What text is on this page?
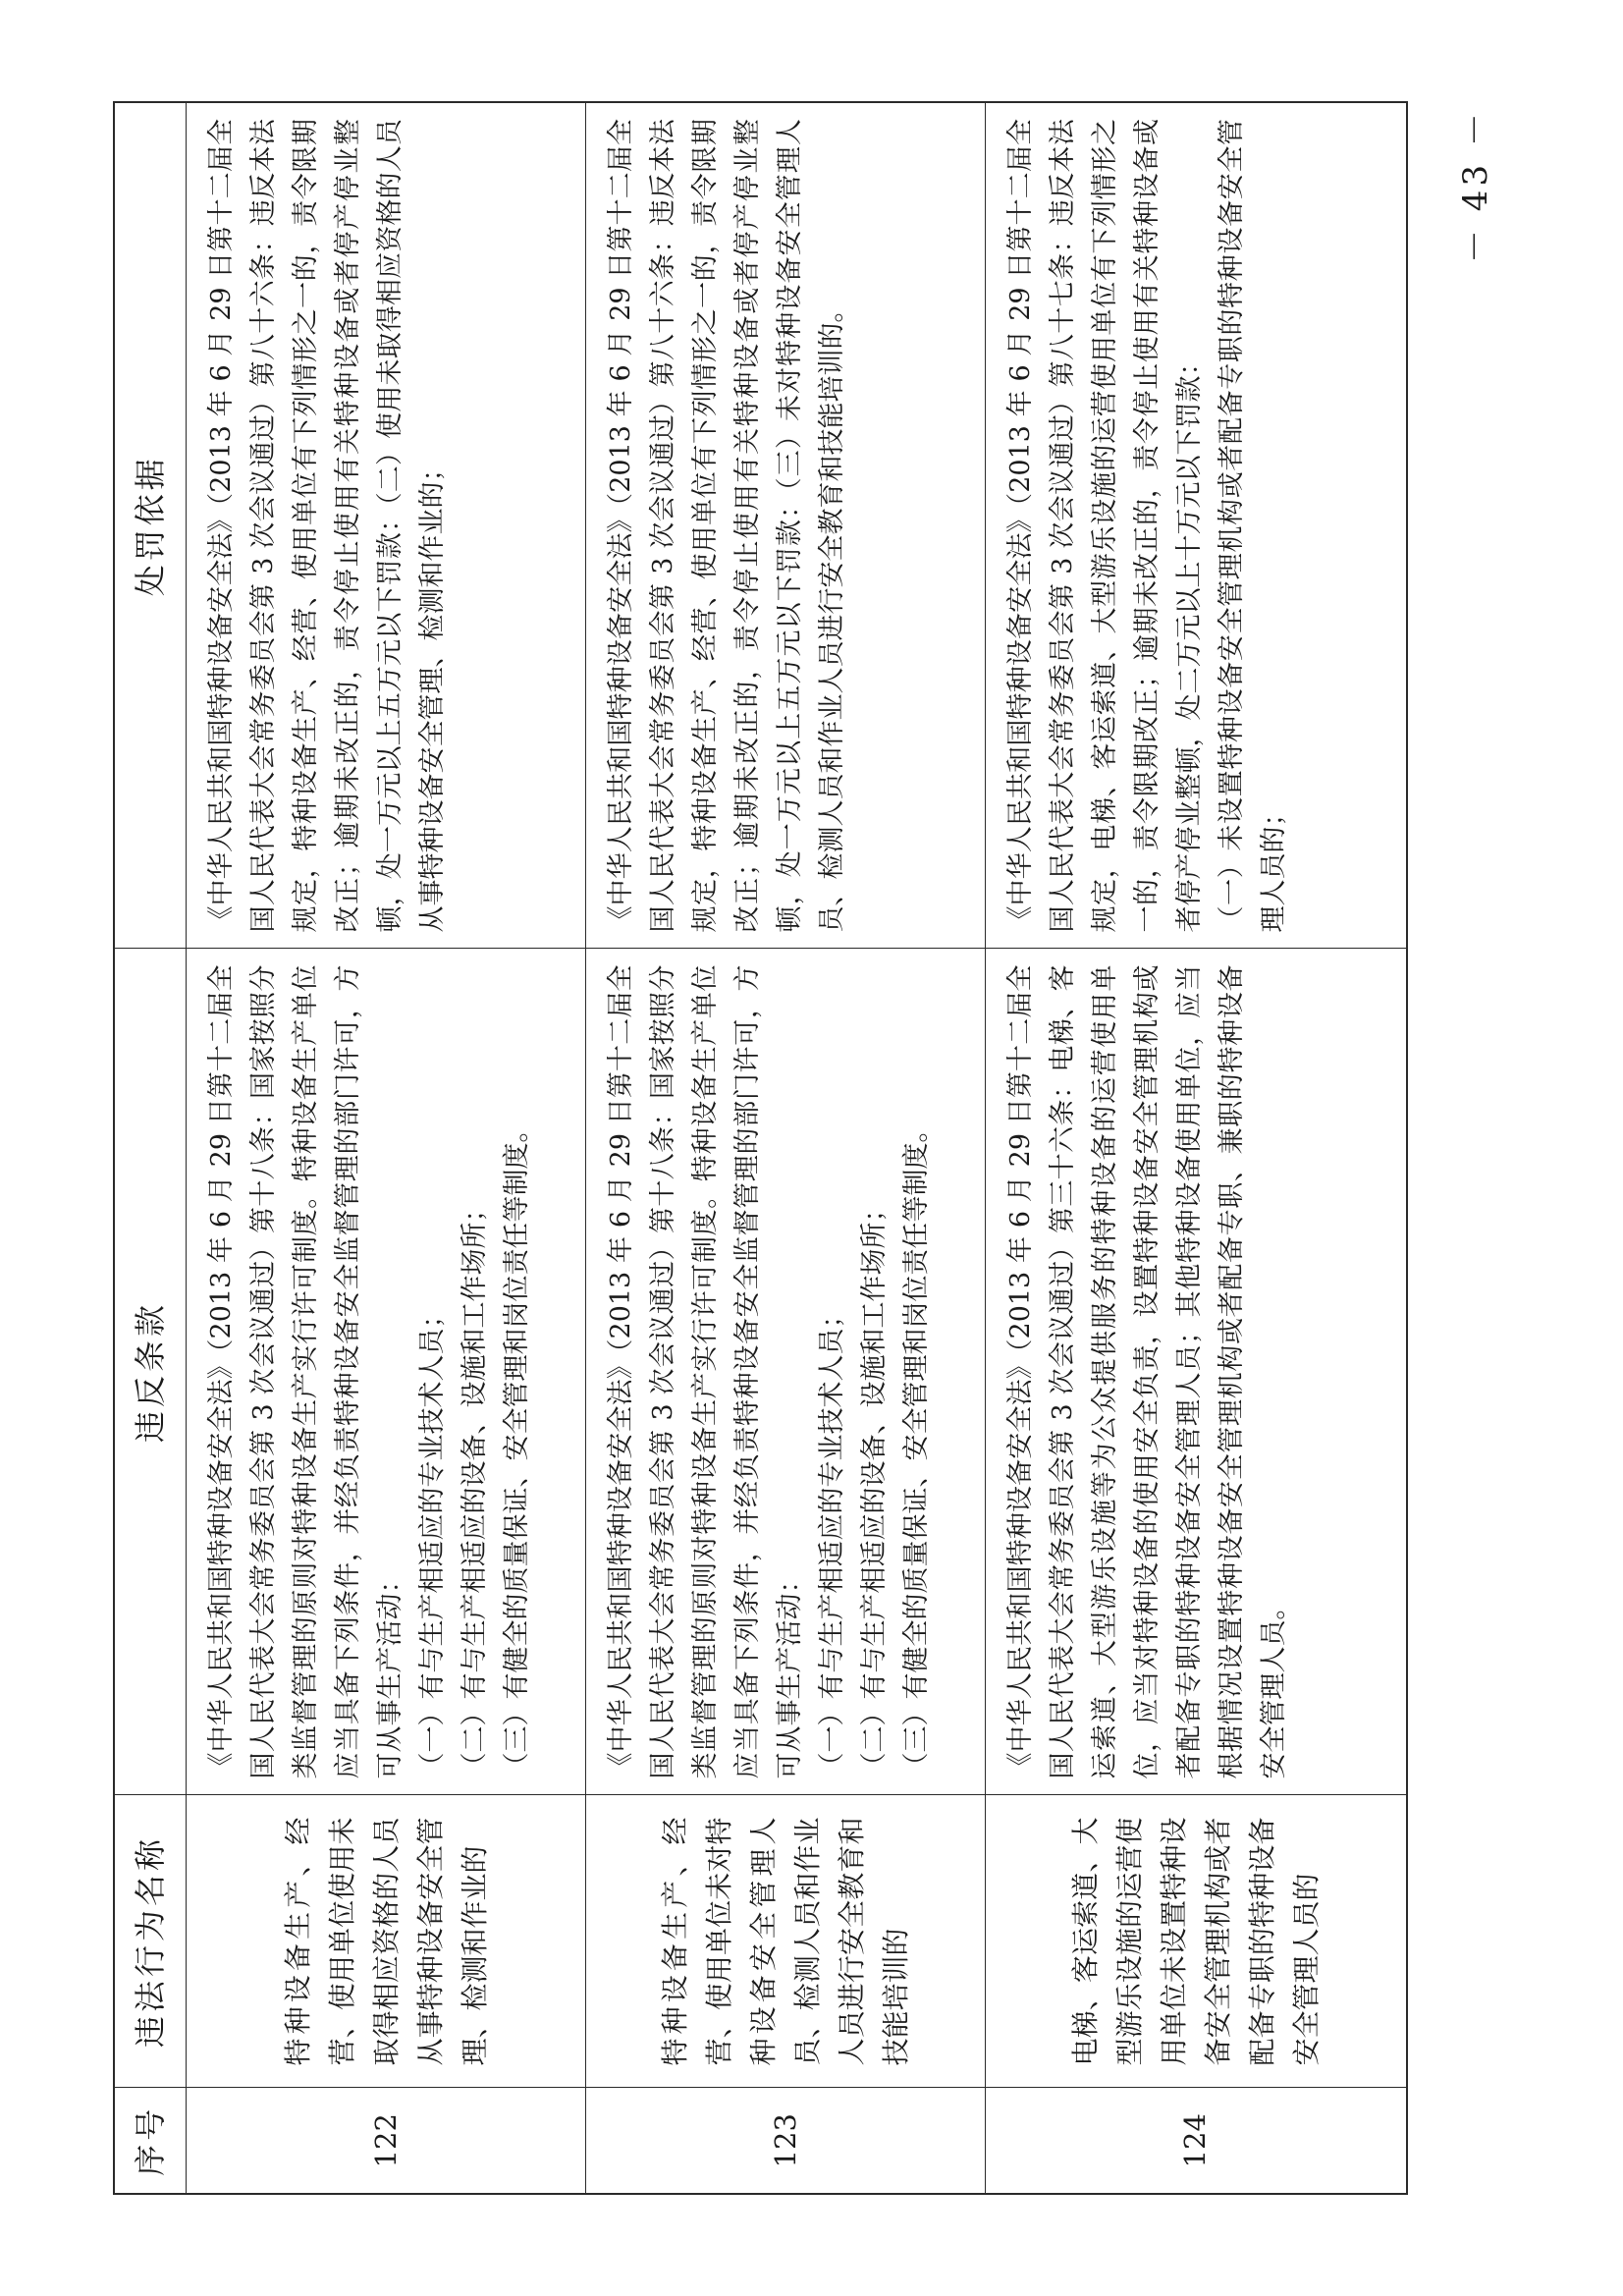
－ 43 －
序号	违法行为名称	违反条款	处罚依据
122	特种设备生产、经营、使用单位使用未取得相应资格的人员从事特种设备安全管理、检测和作业的	《中华人民共和国特种设备安全法》（2013 年 6 月 29 日第十二届全国人民代表大会常务委员会第 3 次会议通过）第十八条：国家按照分类监督管理的原则对特种设备生产实行许可制度。特种设备生产单位应当具备下列条件，并经负责特种设备安全监督管理的部门许可，方可从事生产活动： （一）有与生产相适应的专业技术人员； （二）有与生产相适应的设备、设施和工作场所； （三）有健全的质量保证、安全管理和岗位责任等制度。	《中华人民共和国特种设备安全法》（2013 年 6 月 29 日第十二届全国人民代表大会常务委员会第 3 次会议通过）第八十六条：违反本法规定，特种设备生产、经营、使用单位有下列情形之一的，责令限期改正；逾期未改正的，责令停止使用有关特种设备或者停产停业整顿，处一万元以上五万元以下罚款：（二）使用未取得相应资格的人员从事特种设备安全管理、检测和作业的；

123	特种设备生产、经营、使用单位未对特种设备安全管理人员、检测人员和作业人员进行安全教育和技能培训的	《中华人民共和国特种设备安全法》（2013 年 6 月 29 日第十二届全国人民代表大会常务委员会第 3 次会议通过）第十八条：国家按照分类监督管理的原则对特种设备生产实行许可制度。特种设备生产单位应当具备下列条件，并经负责特种设备安全监督管理的部门许可，方可从事生产活动： （一）有与生产相适应的专业技术人员； （二）有与生产相适应的设备、设施和工作场所； （三）有健全的质量保证、安全管理和岗位责任等制度。	《中华人民共和国特种设备安全法》（2013 年 6 月 29 日第十二届全国人民代表大会常务委员会第 3 次会议通过）第八十六条：违反本法规定，特种设备生产、经营、使用单位有下列情形之一的，责令限期改正；逾期未改正的，责令停止使用有关特种设备或者停产停业整顿，处一万元以上五万元以下罚款：（三）未对特种设备安全管理人员、检测人员和作业人员进行安全教育和技能培训的。

124	电梯、客运索道、大型游乐设施的运营使用单位未设置特种设备安全管理机构或者配备专职的特种设备安全管理人员的	《中华人民共和国特种设备安全法》（2013 年 6 月 29 日第十二届全国人民代表大会常务委员会第 3 次会议通过）第三十六条：电梯、客运索道、大型游乐设施等为公众提供服务的特种设备的运营使用单位，应当对特种设备的使用安全负责，设置特种设备安全管理机构或者配备专职的特种设备安全管理人员；其他特种设备使用单位，应当根据情况设置特种设备安全管理机构或者配备专职、兼职的特种设备安全管理人员。	《中华人民共和国特种设备安全法》（2013 年 6 月 29 日第十二届全国人民代表大会常务委员会第 3 次会议通过）第八十七条：违反本法规定，电梯、客运索道、大型游乐设施的运营使用单位有下列情形之一的，责令限期改正；逾期未改正的，责令停止使用有关特种设备或者停产停业整顿，处二万元以上十万元以下罚款： （一）未设置特种设备安全管理机构或者配备专职的特种设备安全管理人员的；
